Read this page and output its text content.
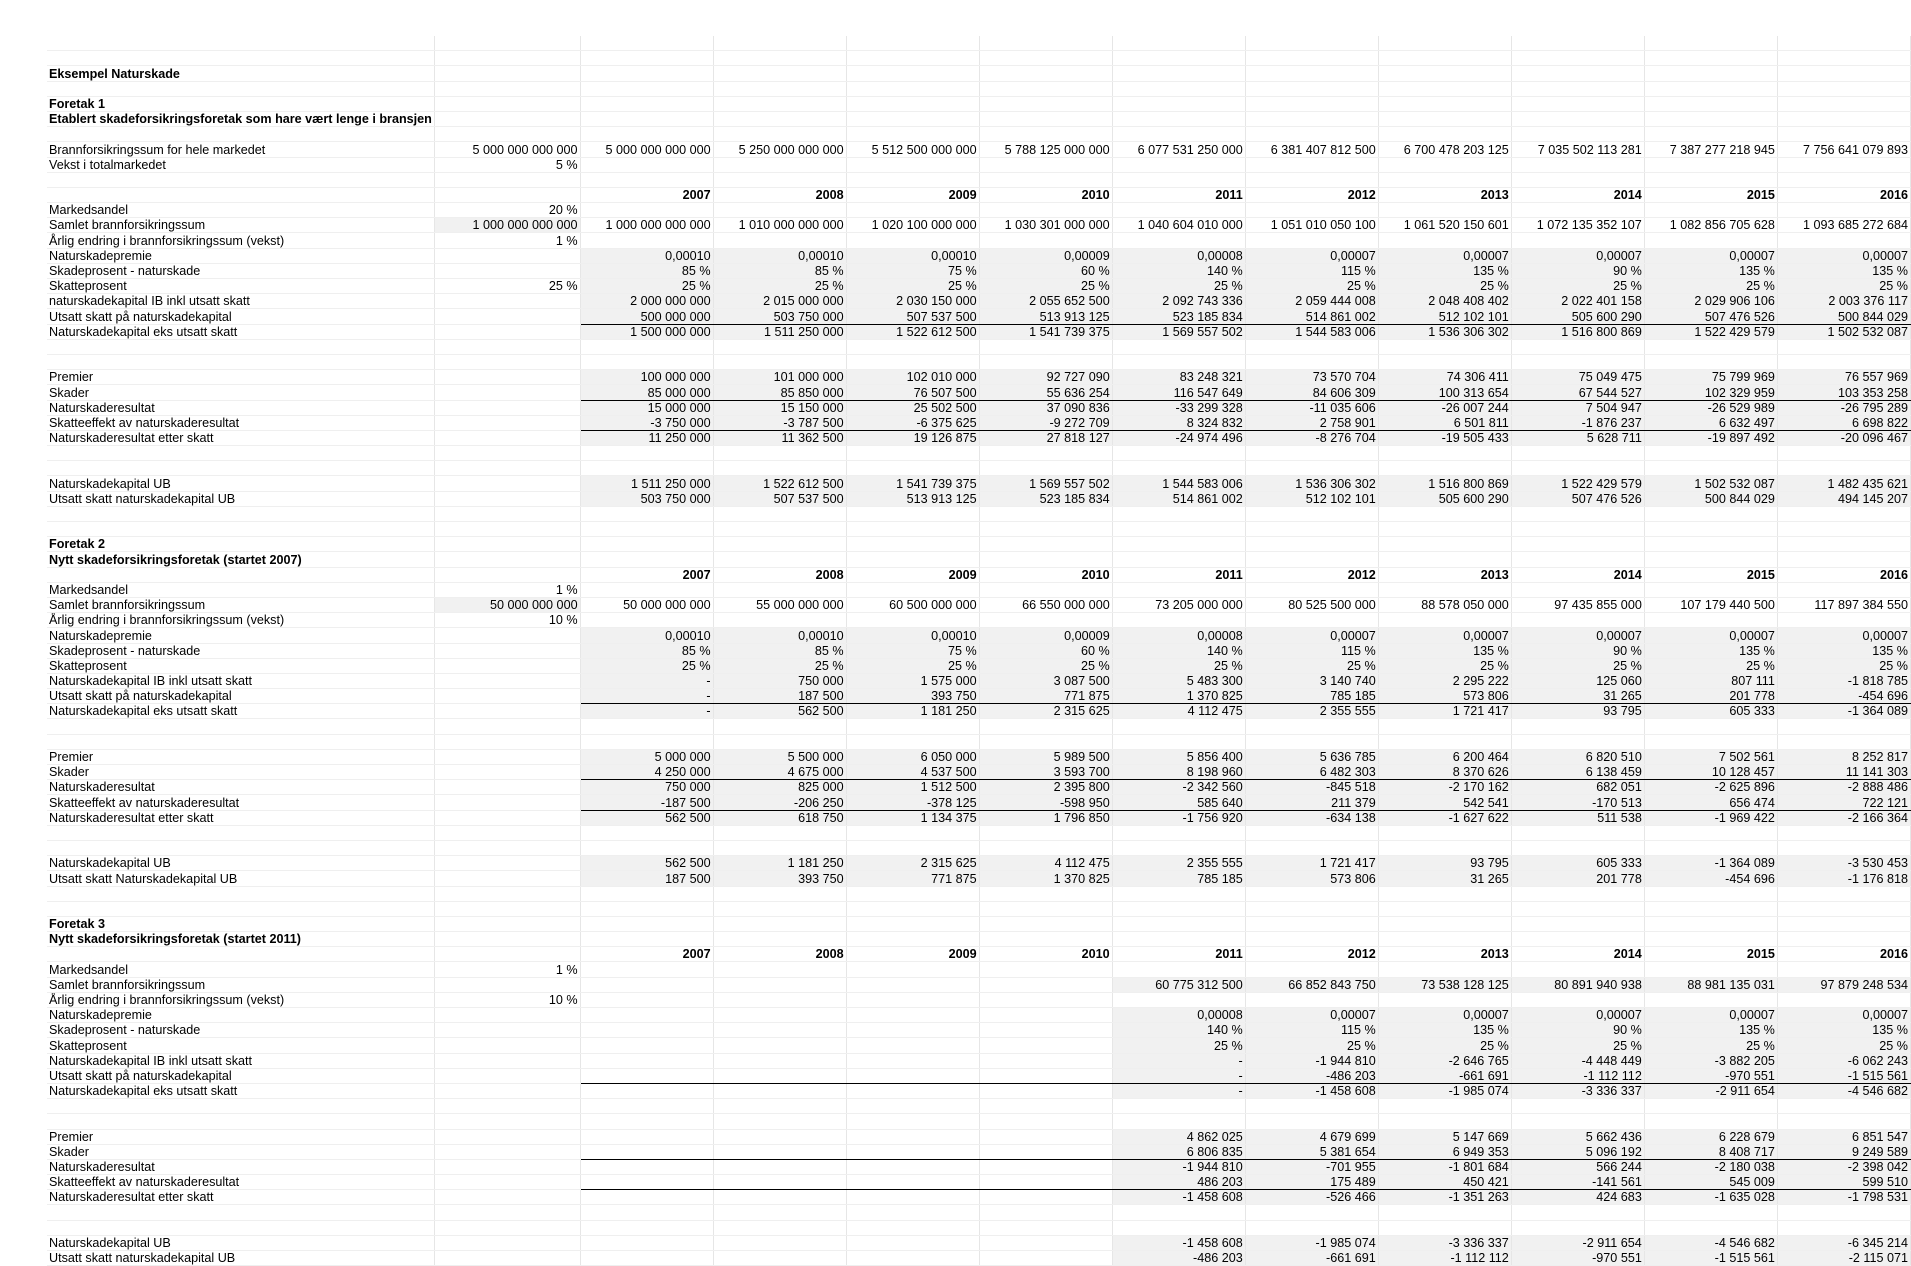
Eksempel Naturskade											

Foretak 1											
Etablert skadeforsikringsforetak som hare vært lenge i bransjen											

Brannforsikringssum for hele markedet	5 000 000 000 000	5 000 000 000 000	5 250 000 000 000	5 512 500 000 000	5 788 125 000 000	6 077 531 250 000	6 381 407 812 500	6 700 478 203 125	7 035 502 113 281	7 387 277 218 945	7 756 641 079 893
Vekst i totalmarkedet	5 %										

		2007	2008	2009	2010	2011	2012	2013	2014	2015	2016
Markedsandel	20 %										
Samlet brannforsikringssum	1 000 000 000 000	1 000 000 000 000	1 010 000 000 000	1 020 100 000 000	1 030 301 000 000	1 040 604 010 000	1 051 010 050 100	1 061 520 150 601	1 072 135 352 107	1 082 856 705 628	1 093 685 272 684
Årlig endring i brannforsikringssum (vekst)	1 %										
Naturskadepremie		0,00010	0,00010	0,00010	0,00009	0,00008	0,00007	0,00007	0,00007	0,00007	0,00007
Skadeprosent - naturskade		85 %	85 %	75 %	60 %	140 %	115 %	135 %	90 %	135 %	135 %
Skatteprosent	25 %	25 %	25 %	25 %	25 %	25 %	25 %	25 %	25 %	25 %	25 %
naturskadekapital IB inkl utsatt skatt		2 000 000 000	2 015 000 000	2 030 150 000	2 055 652 500	2 092 743 336	2 059 444 008	2 048 408 402	2 022 401 158	2 029 906 106	2 003 376 117
Utsatt skatt på naturskadekapital		500 000 000	503 750 000	507 537 500	513 913 125	523 185 834	514 861 002	512 102 101	505 600 290	507 476 526	500 844 029
Naturskadekapital eks utsatt skatt		1 500 000 000	1 511 250 000	1 522 612 500	1 541 739 375	1 569 557 502	1 544 583 006	1 536 306 302	1 516 800 869	1 522 429 579	1 502 532 087

Premier		100 000 000	101 000 000	102 010 000	92 727 090	83 248 321	73 570 704	74 306 411	75 049 475	75 799 969	76 557 969
Skader		85 000 000	85 850 000	76 507 500	55 636 254	116 547 649	84 606 309	100 313 654	67 544 527	102 329 959	103 353 258
Naturskaderesultat		15 000 000	15 150 000	25 502 500	37 090 836	-33 299 328	-11 035 606	-26 007 244	7 504 947	-26 529 989	-26 795 289
Skatteeffekt av naturskaderesultat		-3 750 000	-3 787 500	-6 375 625	-9 272 709	8 324 832	2 758 901	6 501 811	-1 876 237	6 632 497	6 698 822
Naturskaderesultat etter skatt		11 250 000	11 362 500	19 126 875	27 818 127	-24 974 496	-8 276 704	-19 505 433	5 628 711	-19 897 492	-20 096 467

Naturskadekapital UB		1 511 250 000	1 522 612 500	1 541 739 375	1 569 557 502	1 544 583 006	1 536 306 302	1 516 800 869	1 522 429 579	1 502 532 087	1 482 435 621
Utsatt skatt naturskadekapital UB		503 750 000	507 537 500	513 913 125	523 185 834	514 861 002	512 102 101	505 600 290	507 476 526	500 844 029	494 145 207

Foretak 2											
Nytt skadeforsikringsforetak (startet 2007)											
		2007	2008	2009	2010	2011	2012	2013	2014	2015	2016
Markedsandel	1 %										
Samlet brannforsikringssum	50 000 000 000	50 000 000 000	55 000 000 000	60 500 000 000	66 550 000 000	73 205 000 000	80 525 500 000	88 578 050 000	97 435 855 000	107 179 440 500	117 897 384 550
Årlig endring i brannforsikringssum (vekst)	10 %										
Naturskadepremie		0,00010	0,00010	0,00010	0,00009	0,00008	0,00007	0,00007	0,00007	0,00007	0,00007
Skadeprosent - naturskade		85 %	85 %	75 %	60 %	140 %	115 %	135 %	90 %	135 %	135 %
Skatteprosent		25 %	25 %	25 %	25 %	25 %	25 %	25 %	25 %	25 %	25 %
Naturskadekapital IB inkl utsatt skatt		-	750 000	1 575 000	3 087 500	5 483 300	3 140 740	2 295 222	125 060	807 111	-1 818 785
Utsatt skatt på naturskadekapital		-	187 500	393 750	771 875	1 370 825	785 185	573 806	31 265	201 778	-454 696
Naturskadekapital eks utsatt skatt		-	562 500	1 181 250	2 315 625	4 112 475	2 355 555	1 721 417	93 795	605 333	-1 364 089

Premier		5 000 000	5 500 000	6 050 000	5 989 500	5 856 400	5 636 785	6 200 464	6 820 510	7 502 561	8 252 817
Skader		4 250 000	4 675 000	4 537 500	3 593 700	8 198 960	6 482 303	8 370 626	6 138 459	10 128 457	11 141 303
Naturskaderesultat		750 000	825 000	1 512 500	2 395 800	-2 342 560	-845 518	-2 170 162	682 051	-2 625 896	-2 888 486
Skatteeffekt av naturskaderesultat		-187 500	-206 250	-378 125	-598 950	585 640	211 379	542 541	-170 513	656 474	722 121
Naturskaderesultat etter skatt		562 500	618 750	1 134 375	1 796 850	-1 756 920	-634 138	-1 627 622	511 538	-1 969 422	-2 166 364

Naturskadekapital UB		562 500	1 181 250	2 315 625	4 112 475	2 355 555	1 721 417	93 795	605 333	-1 364 089	-3 530 453
Utsatt skatt Naturskadekapital UB		187 500	393 750	771 875	1 370 825	785 185	573 806	31 265	201 778	-454 696	-1 176 818

Foretak 3											
Nytt skadeforsikringsforetak (startet 2011)											
		2007	2008	2009	2010	2011	2012	2013	2014	2015	2016
Markedsandel	1 %										
Samlet brannforsikringssum						60 775 312 500	66 852 843 750	73 538 128 125	80 891 940 938	88 981 135 031	97 879 248 534
Årlig endring i brannforsikringssum (vekst)	10 %										
Naturskadepremie						0,00008	0,00007	0,00007	0,00007	0,00007	0,00007
Skadeprosent - naturskade						140 %	115 %	135 %	90 %	135 %	135 %
Skatteprosent						25 %	25 %	25 %	25 %	25 %	25 %
Naturskadekapital IB inkl utsatt skatt						-	-1 944 810	-2 646 765	-4 448 449	-3 882 205	-6 062 243
Utsatt skatt på naturskadekapital						-	-486 203	-661 691	-1 112 112	-970 551	-1 515 561
Naturskadekapital eks utsatt skatt						-	-1 458 608	-1 985 074	-3 336 337	-2 911 654	-4 546 682

Premier						4 862 025	4 679 699	5 147 669	5 662 436	6 228 679	6 851 547
Skader						6 806 835	5 381 654	6 949 353	5 096 192	8 408 717	9 249 589
Naturskaderesultat						-1 944 810	-701 955	-1 801 684	566 244	-2 180 038	-2 398 042
Skatteeffekt av naturskaderesultat						486 203	175 489	450 421	-141 561	545 009	599 510
Naturskaderesultat etter skatt						-1 458 608	-526 466	-1 351 263	424 683	-1 635 028	-1 798 531

Naturskadekapital UB						-1 458 608	-1 985 074	-3 336 337	-2 911 654	-4 546 682	-6 345 214
Utsatt skatt naturskadekapital UB						-486 203	-661 691	-1 112 112	-970 551	-1 515 561	-2 115 071
